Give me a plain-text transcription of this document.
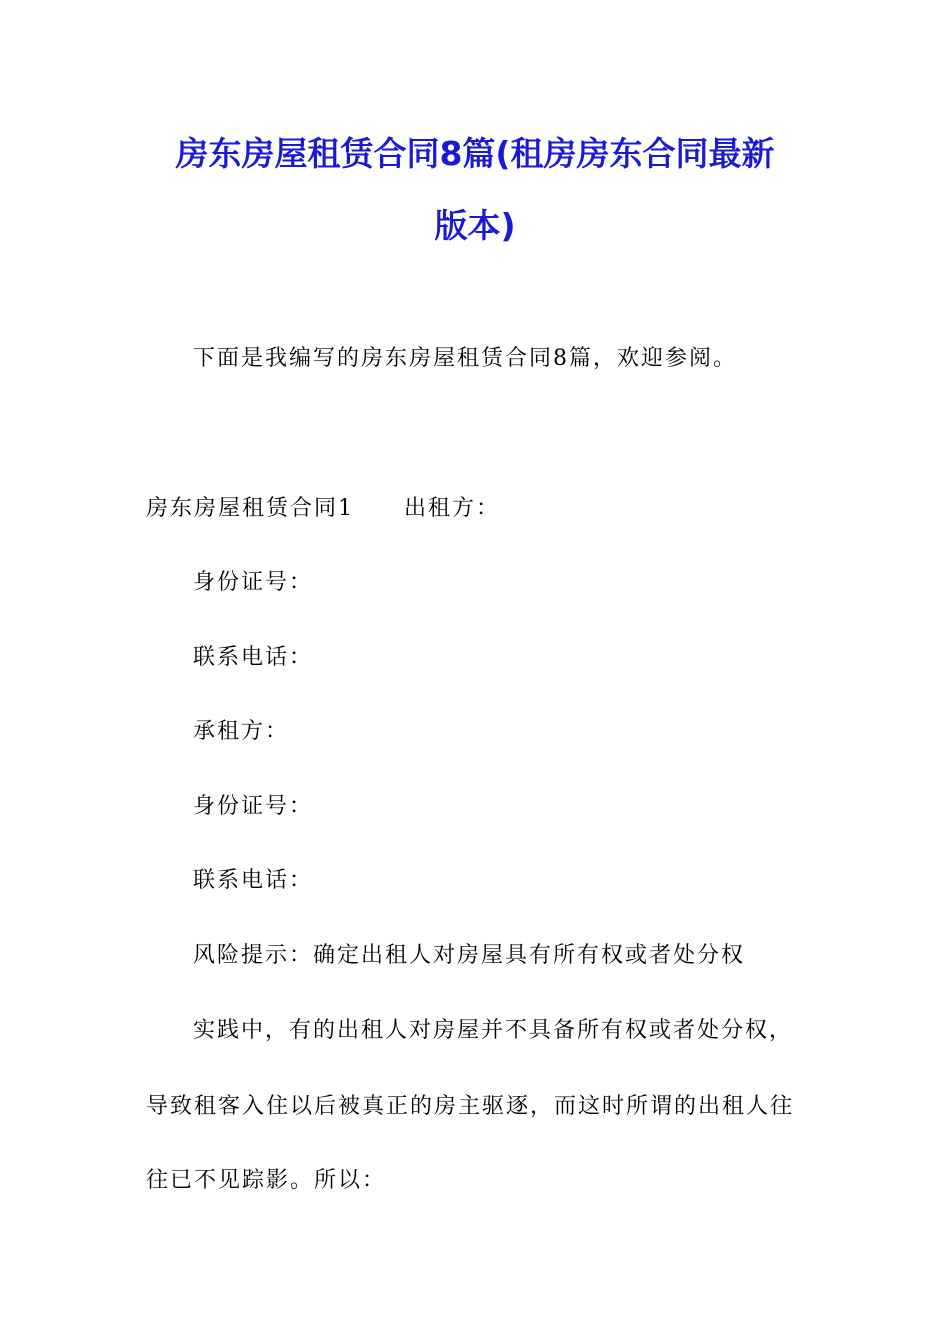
房东房屋租赁合同8篇(租房房东合同最新
版本)
下面是我编写的房东房屋租赁合同8篇，欢迎参阅。
房东房屋租赁合同1 出租方：
身份证号：
联系电话：
承租方：
身份证号：
联系电话：
风险提示：确定出租人对房屋具有所有权或者处分权
实践中，有的出租人对房屋并不具备所有权或者处分权，
导致租客入住以后被真正的房主驱逐，而这时所谓的出租人往
往已不见踪影。所以：
